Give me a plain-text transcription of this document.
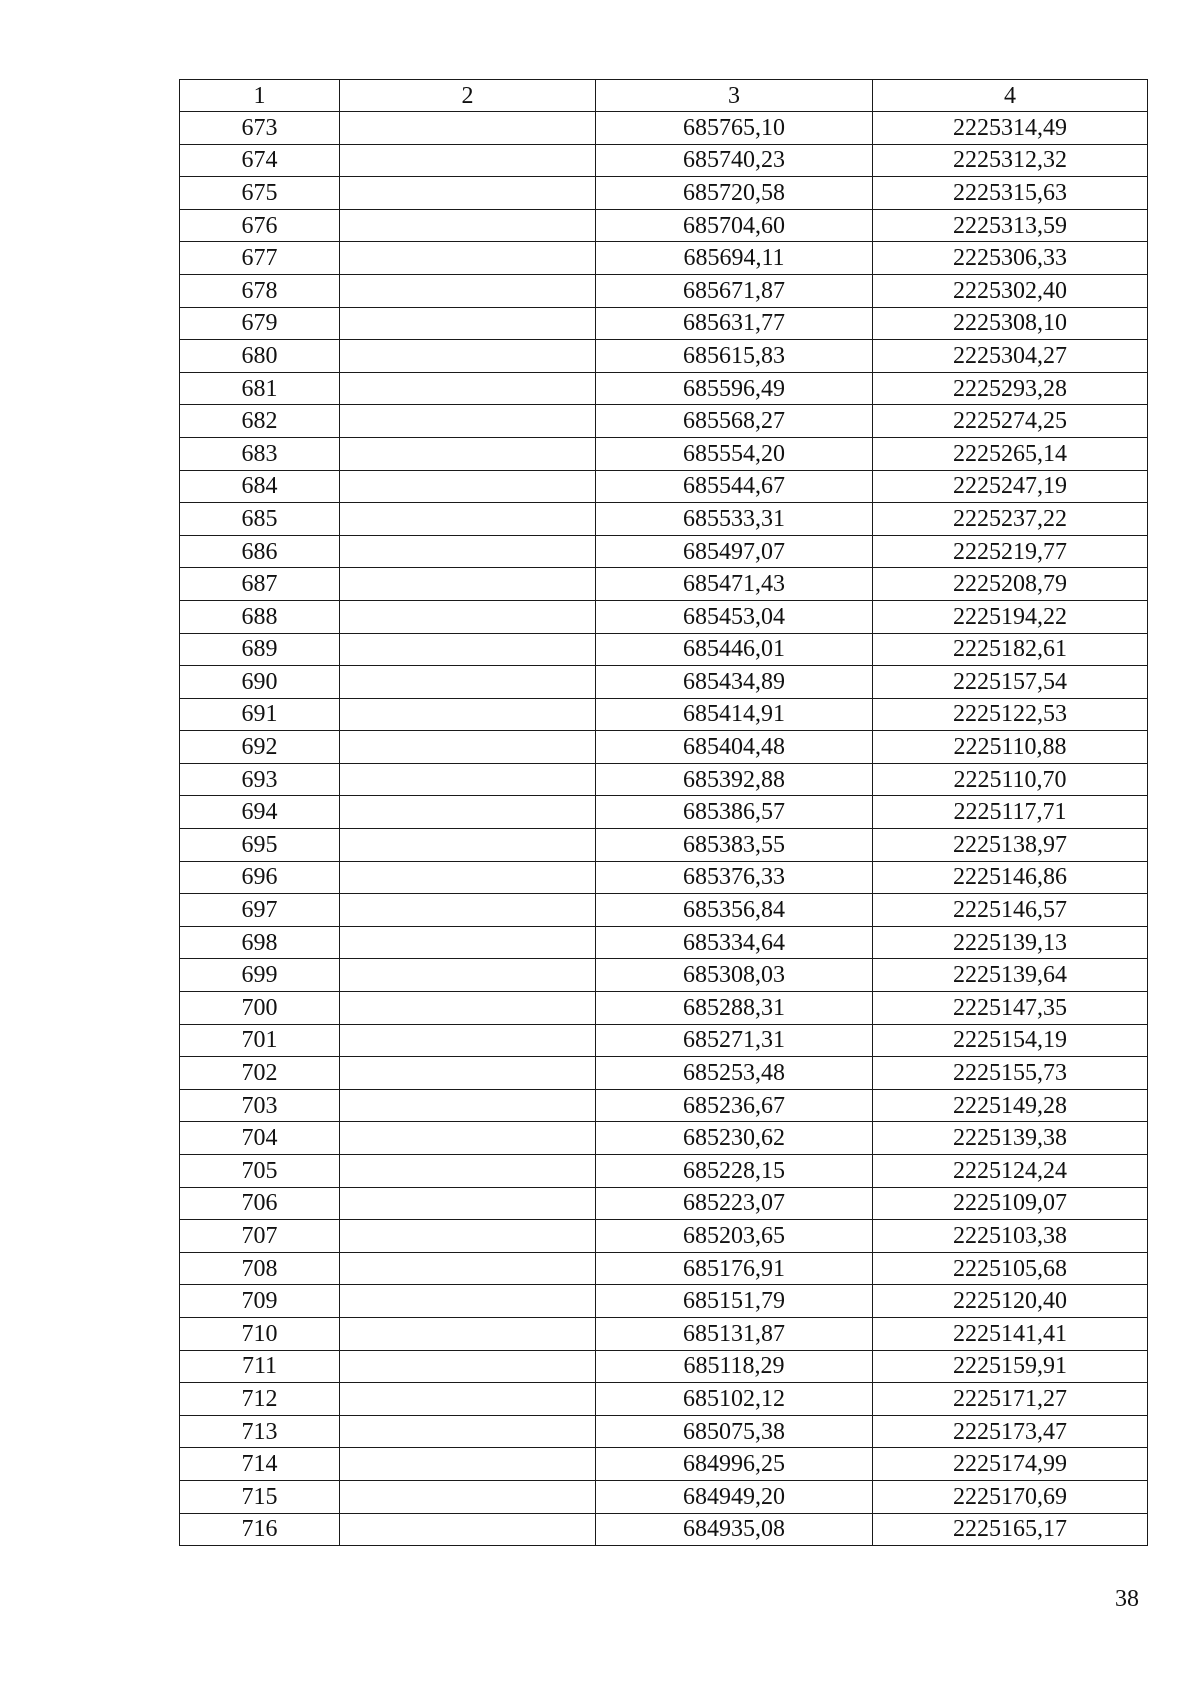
1	2	3	4
673		685765,10	2225314,49
674		685740,23	2225312,32
675		685720,58	2225315,63
676		685704,60	2225313,59
677		685694,11	2225306,33
678		685671,87	2225302,40
679		685631,77	2225308,10
680		685615,83	2225304,27
681		685596,49	2225293,28
682		685568,27	2225274,25
683		685554,20	2225265,14
684		685544,67	2225247,19
685		685533,31	2225237,22
686		685497,07	2225219,77
687		685471,43	2225208,79
688		685453,04	2225194,22
689		685446,01	2225182,61
690		685434,89	2225157,54
691		685414,91	2225122,53
692		685404,48	2225110,88
693		685392,88	2225110,70
694		685386,57	2225117,71
695		685383,55	2225138,97
696		685376,33	2225146,86
697		685356,84	2225146,57
698		685334,64	2225139,13
699		685308,03	2225139,64
700		685288,31	2225147,35
701		685271,31	2225154,19
702		685253,48	2225155,73
703		685236,67	2225149,28
704		685230,62	2225139,38
705		685228,15	2225124,24
706		685223,07	2225109,07
707		685203,65	2225103,38
708		685176,91	2225105,68
709		685151,79	2225120,40
710		685131,87	2225141,41
711		685118,29	2225159,91
712		685102,12	2225171,27
713		685075,38	2225173,47
714		684996,25	2225174,99
715		684949,20	2225170,69
716		684935,08	2225165,17
38
